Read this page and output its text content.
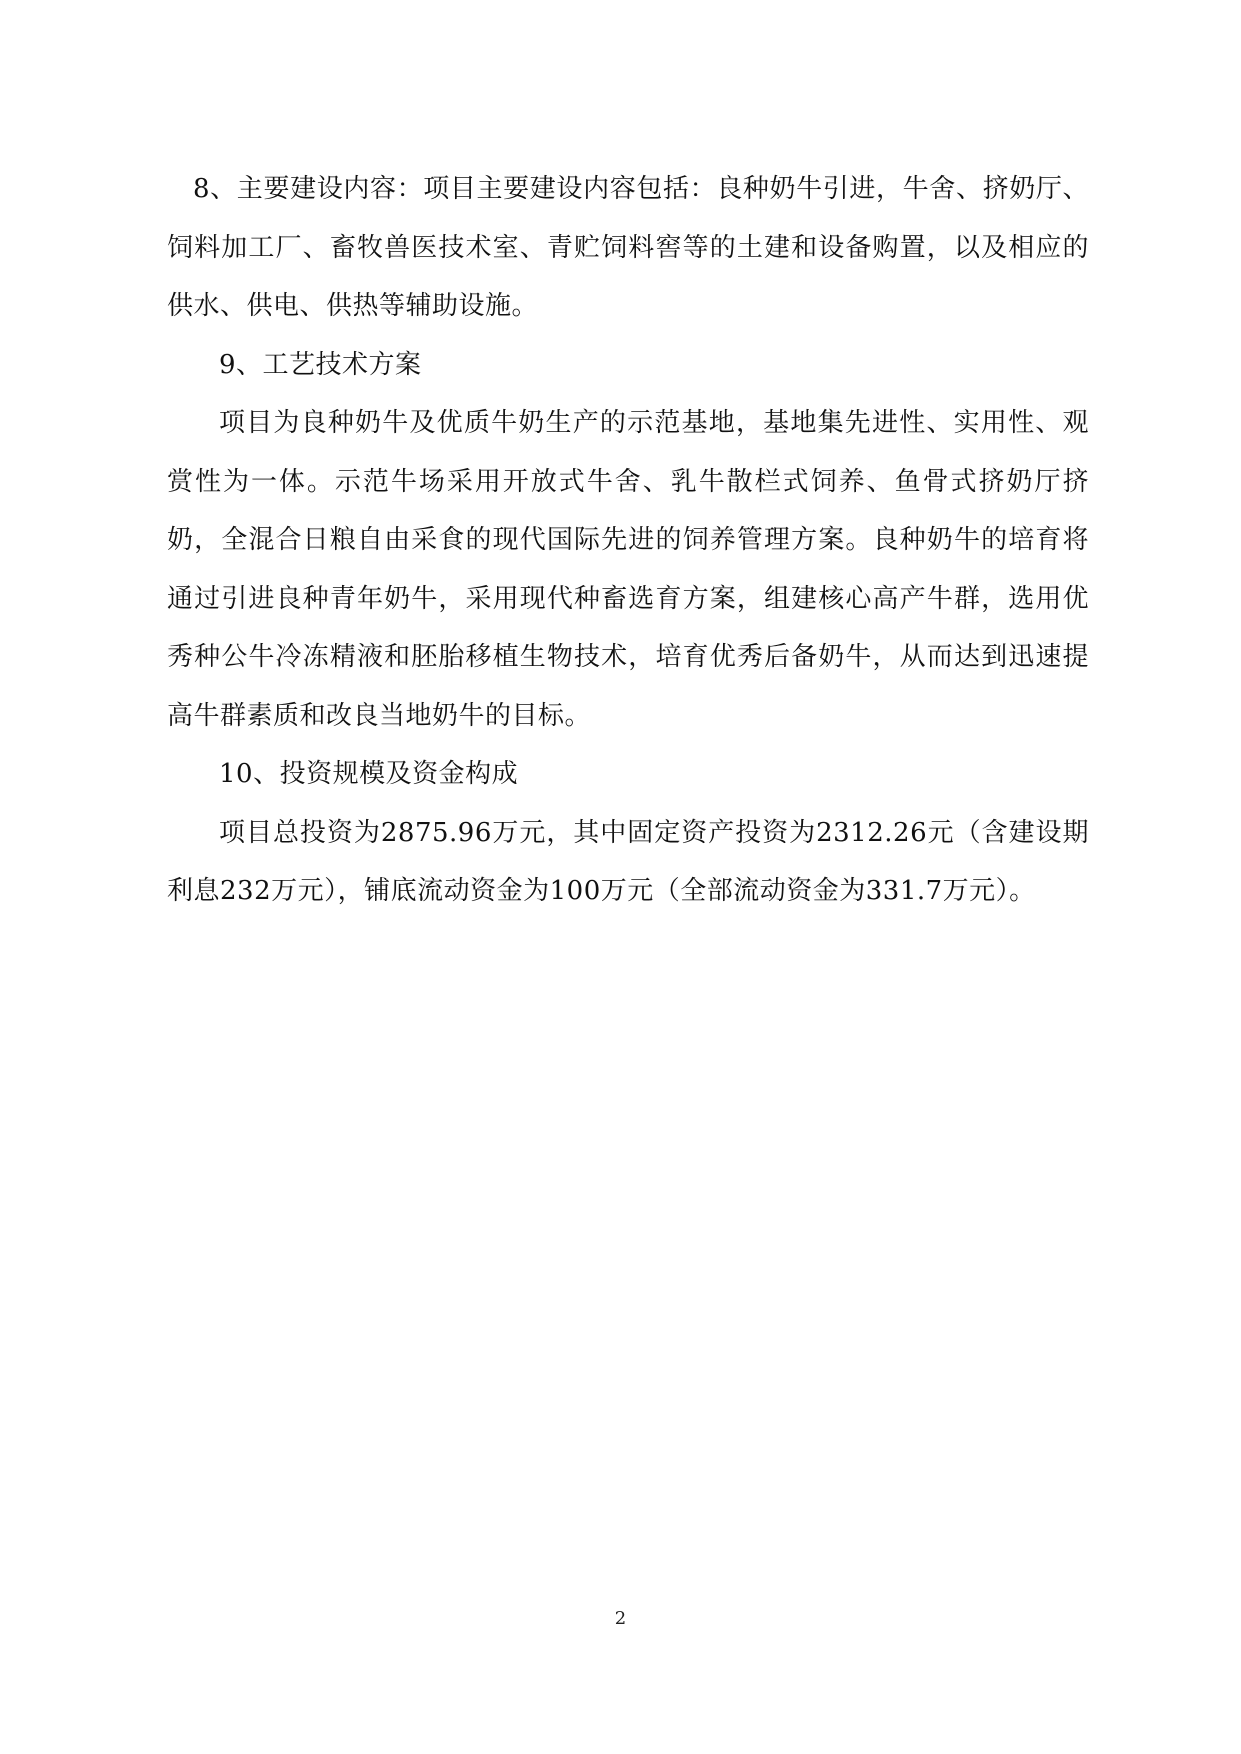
8、主要建设内容：项目主要建设内容包括：良种奶牛引进，牛舍、挤奶厅、饲料加工厂、畜牧兽医技术室、青贮饲料窖等的土建和设备购置，以及相应的供水、供电、供热等辅助设施。

9、工艺技术方案

项目为良种奶牛及优质牛奶生产的示范基地，基地集先进性、实用性、观赏性为一体。示范牛场采用开放式牛舍、乳牛散栏式饲养、鱼骨式挤奶厅挤奶，全混合日粮自由采食的现代国际先进的饲养管理方案。良种奶牛的培育将通过引进良种青年奶牛，采用现代种畜选育方案，组建核心高产牛群，选用优秀种公牛冷冻精液和胚胎移植生物技术，培育优秀后备奶牛，从而达到迅速提高牛群素质和改良当地奶牛的目标。

10、投资规模及资金构成

项目总投资为2875.96万元，其中固定资产投资为2312.26元（含建设期利息232万元），铺底流动资金为100万元（全部流动资金为331.7万元）。

2
